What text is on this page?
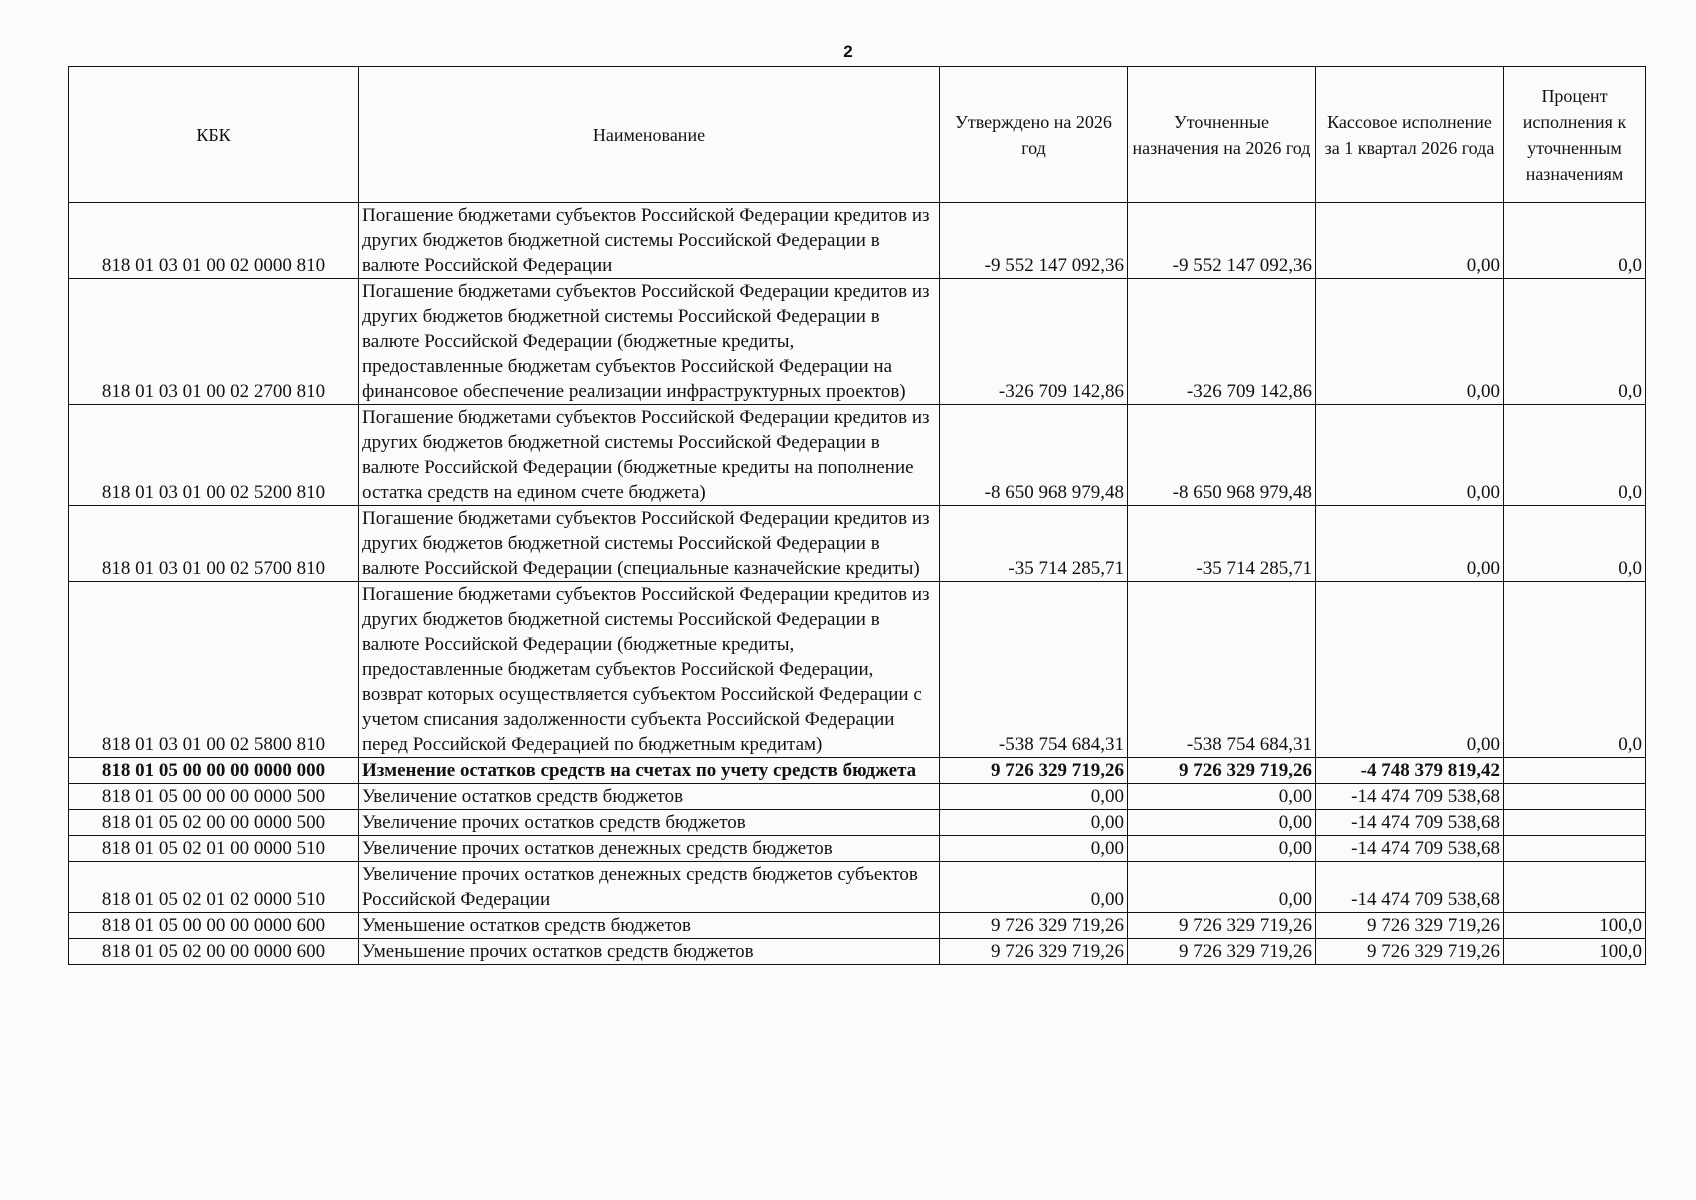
2
КБК	Наименование	Утверждено на 2026 год	Уточненные назначения на 2026 год	Кассовое исполнение за 1 квартал 2026 года	Процент исполнения к уточненным назначениям
818 01 03 01 00 02 0000 810	Погашение бюджетами субъектов Российской Федерации кредитов из других бюджетов бюджетной системы Российской Федерации в валюте Российской Федерации	-9 552 147 092,36	-9 552 147 092,36	0,00	0,0
818 01 03 01 00 02 2700 810	Погашение бюджетами субъектов Российской Федерации кредитов из других бюджетов бюджетной системы Российской Федерации в валюте Российской Федерации (бюджетные кредиты, предоставленные бюджетам субъектов Российской Федерации на финансовое обеспечение реализации инфраструктурных проектов)	-326 709 142,86	-326 709 142,86	0,00	0,0
818 01 03 01 00 02 5200 810	Погашение бюджетами субъектов Российской Федерации кредитов из других бюджетов бюджетной системы Российской Федерации в валюте Российской Федерации (бюджетные кредиты на пополнение остатка средств на едином счете бюджета)	-8 650 968 979,48	-8 650 968 979,48	0,00	0,0
818 01 03 01 00 02 5700 810	Погашение бюджетами субъектов Российской Федерации кредитов из других бюджетов бюджетной системы Российской Федерации в валюте Российской Федерации (специальные казначейские кредиты)	-35 714 285,71	-35 714 285,71	0,00	0,0
818 01 03 01 00 02 5800 810	Погашение бюджетами субъектов Российской Федерации кредитов из других бюджетов бюджетной системы Российской Федерации в валюте Российской Федерации (бюджетные кредиты, предоставленные бюджетам субъектов Российской Федерации, возврат которых осуществляется субъектом Российской Федерации с учетом списания задолженности субъекта Российской Федерации перед Российской Федерацией по бюджетным кредитам)	-538 754 684,31	-538 754 684,31	0,00	0,0
818 01 05 00 00 00 0000 000	Изменение остатков средств на счетах по учету средств бюджета	9 726 329 719,26	9 726 329 719,26	-4 748 379 819,42	
818 01 05 00 00 00 0000 500	Увеличение остатков средств бюджетов	0,00	0,00	-14 474 709 538,68	
818 01 05 02 00 00 0000 500	Увеличение прочих остатков средств бюджетов	0,00	0,00	-14 474 709 538,68	
818 01 05 02 01 00 0000 510	Увеличение прочих остатков денежных средств бюджетов	0,00	0,00	-14 474 709 538,68	
818 01 05 02 01 02 0000 510	Увеличение прочих остатков денежных средств бюджетов субъектов Российской Федерации	0,00	0,00	-14 474 709 538,68	
818 01 05 00 00 00 0000 600	Уменьшение остатков средств бюджетов	9 726 329 719,26	9 726 329 719,26	9 726 329 719,26	100,0
818 01 05 02 00 00 0000 600	Уменьшение прочих остатков средств бюджетов	9 726 329 719,26	9 726 329 719,26	9 726 329 719,26	100,0
